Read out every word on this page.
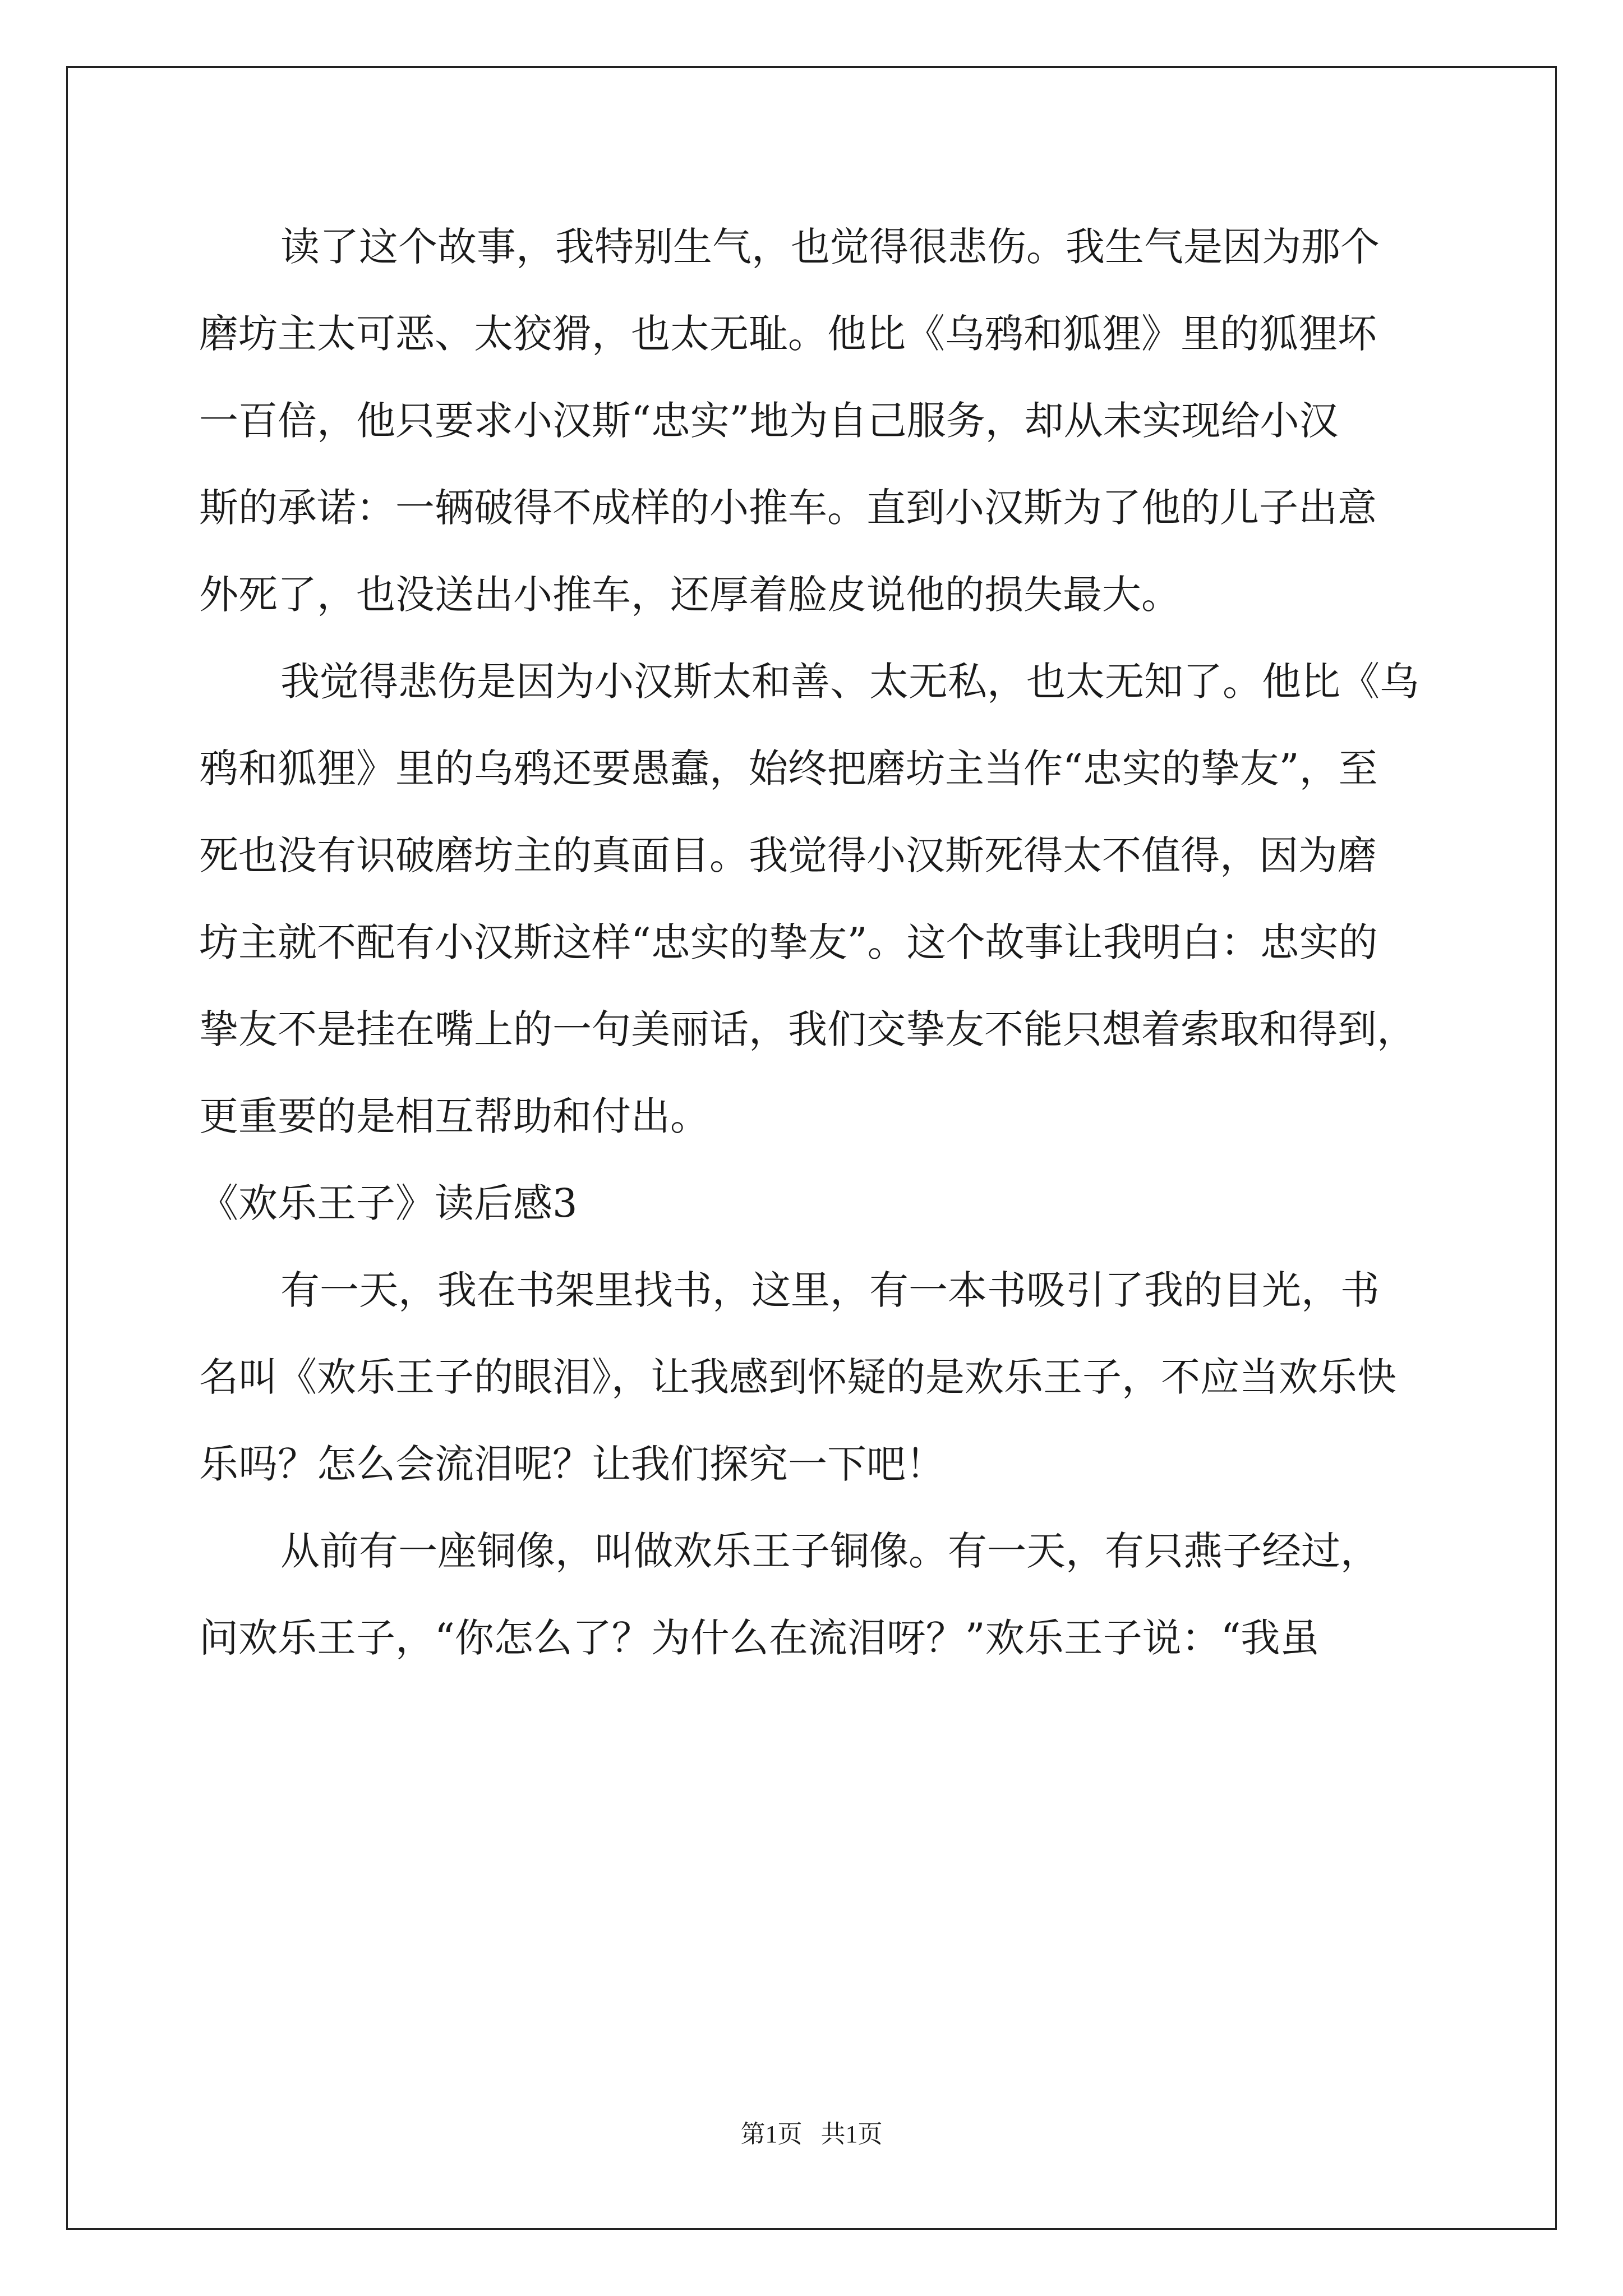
读了这个故事，我特别生气，也觉得很悲伤。我生气是因为那个

磨坊主太可恶、太狡猾，也太无耻。他比《乌鸦和狐狸》里的狐狸坏

一百倍，他只要求小汉斯“忠实”地为自己服务，却从未实现给小汉

斯的承诺：一辆破得不成样的小推车。直到小汉斯为了他的儿子出意

外死了，也没送出小推车，还厚着脸皮说他的损失最大。

我觉得悲伤是因为小汉斯太和善、太无私，也太无知了。他比《乌

鸦和狐狸》里的乌鸦还要愚蠢，始终把磨坊主当作“忠实的挚友”，至

死也没有识破磨坊主的真面目。我觉得小汉斯死得太不值得，因为磨

坊主就不配有小汉斯这样“忠实的挚友”。这个故事让我明白：忠实的

挚友不是挂在嘴上的一句美丽话，我们交挚友不能只想着索取和得到，

更重要的是相互帮助和付出。

《欢乐王子》读后感3

有一天，我在书架里找书，这里，有一本书吸引了我的目光，书

名叫《欢乐王子的眼泪》，让我感到怀疑的是欢乐王子，不应当欢乐快

乐吗？怎么会流泪呢？让我们探究一下吧！

从前有一座铜像，叫做欢乐王子铜像。有一天，有只燕子经过，

问欢乐王子，“你怎么了？为什么在流泪呀？”欢乐王子说：“我虽

第1页   共1页
